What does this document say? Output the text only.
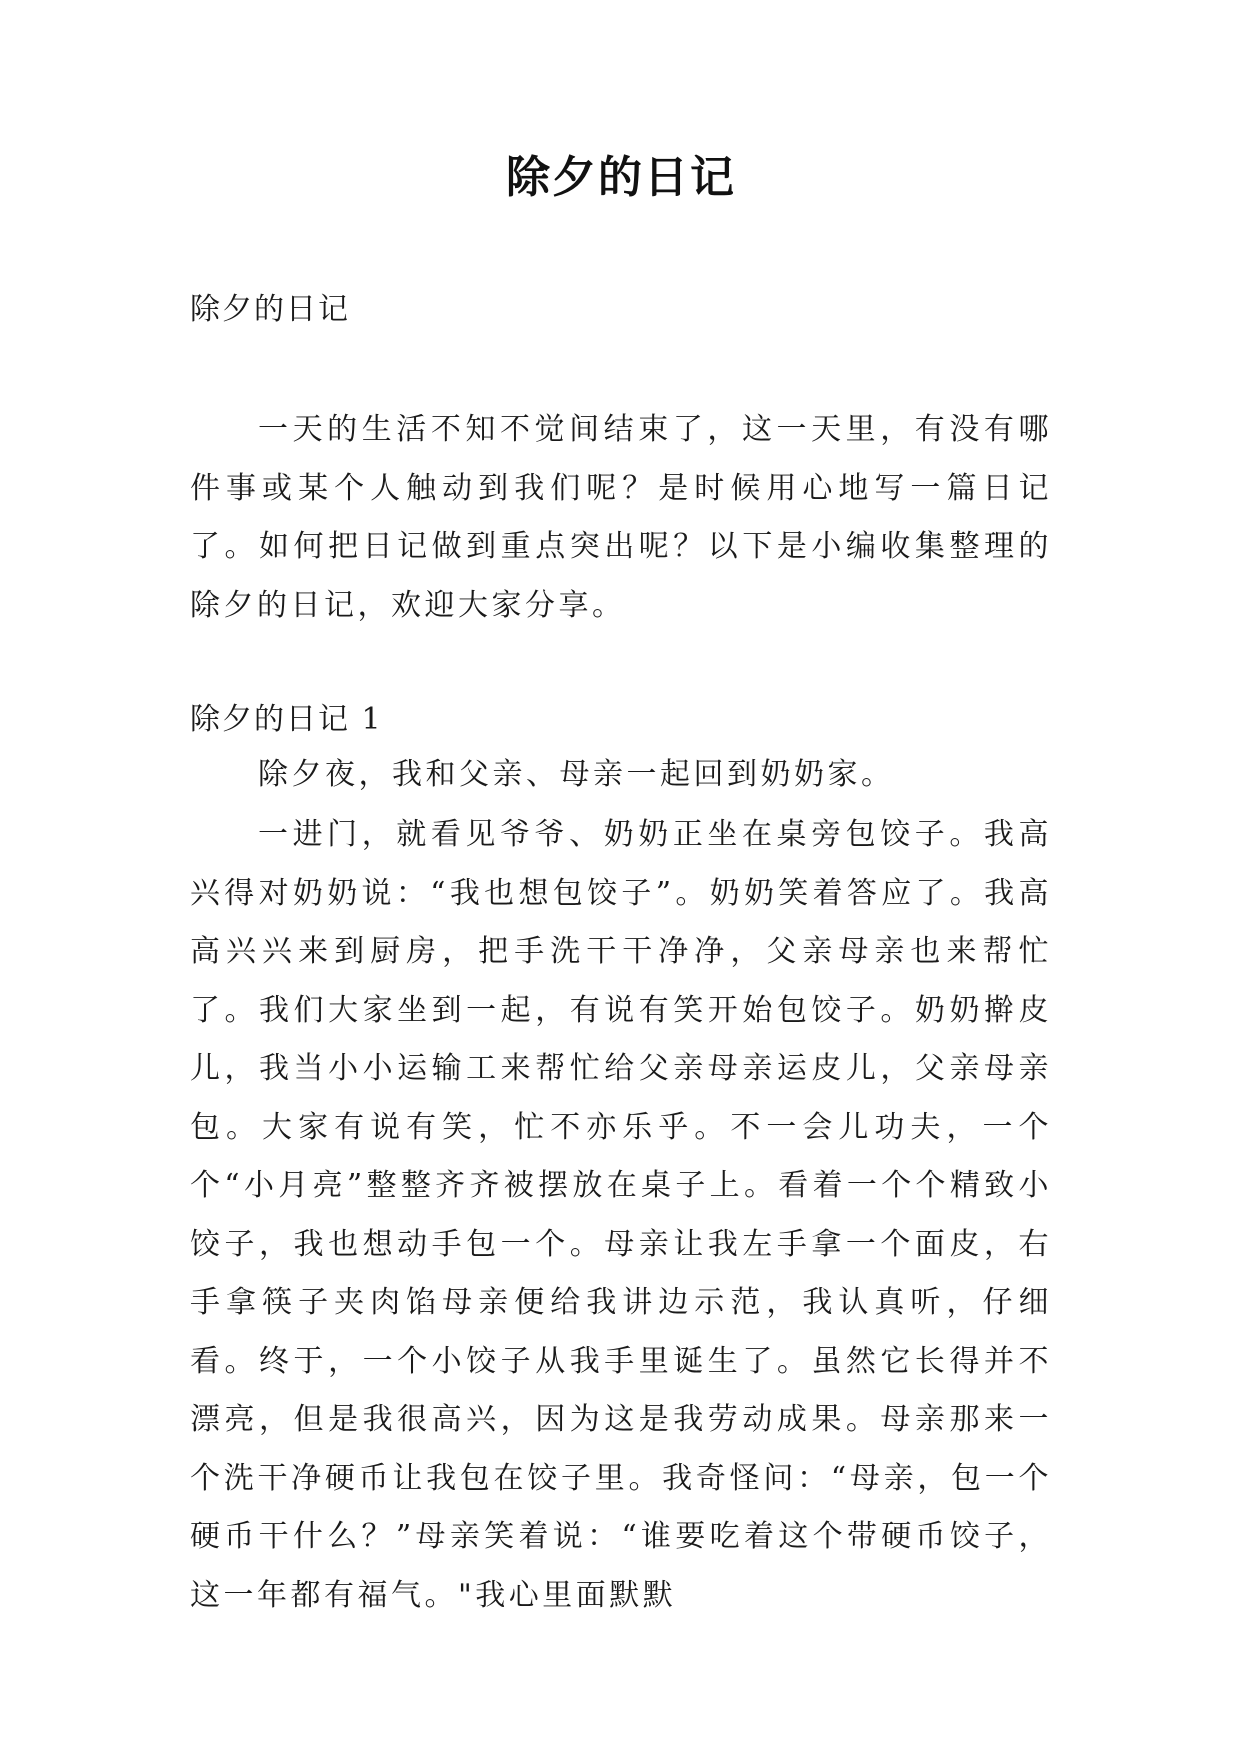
除夕的日记
除夕的日记

一天的生活不知不觉间结束了，这一天里，有没有哪件事或某个人触动到我们呢？是时候用心地写一篇日记了。如何把日记做到重点突出呢？以下是小编收集整理的除夕的日记，欢迎大家分享。

除夕的日记 1

除夕夜，我和父亲、母亲一起回到奶奶家。

一进门，就看见爷爷、奶奶正坐在桌旁包饺子。我高兴得对奶奶说：“我也想包饺子”。奶奶笑着答应了。我高高兴兴来到厨房，把手洗干干净净，父亲母亲也来帮忙了。我们大家坐到一起，有说有笑开始包饺子。奶奶擀皮儿，我当小小运输工来帮忙给父亲母亲运皮儿，父亲母亲包。大家有说有笑，忙不亦乐乎。不一会儿功夫，一个个“小月亮”整整齐齐被摆放在桌子上。看着一个个精致小饺子，我也想动手包一个。母亲让我左手拿一个面皮，右手拿筷子夹肉馅母亲便给我讲边示范，我认真听，仔细看。终于，一个小饺子从我手里诞生了。虽然它长得并不漂亮，但是我很高兴，因为这是我劳动成果。母亲那来一个洗干净硬币让我包在饺子里。我奇怪问：“母亲，包一个硬币干什么？”母亲笑着说：“谁要吃着这个带硬币饺子，这一年都有福气。"我心里面默默
